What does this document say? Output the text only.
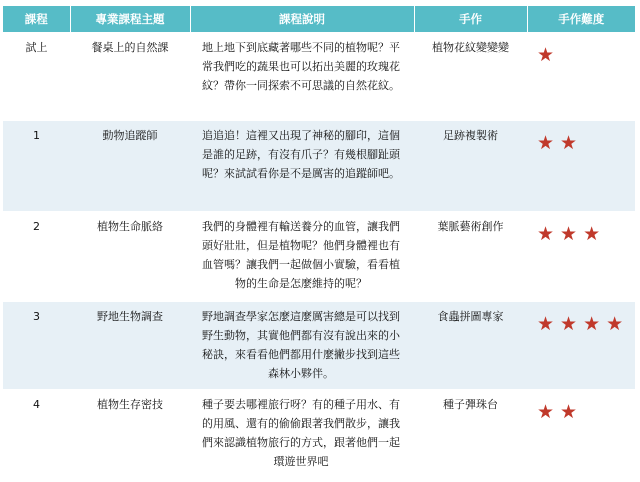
課程	專業課程主題	課程說明	手作	手作難度
試上	餐桌上的自然課	地上地下到底藏著哪些不同的植物呢？平常我們吃的蔬果也可以拓出美麗的玫瑰花紋？帶你一同探索不可思議的自然花紋。	植物花紋變變變	★
1	動物追蹤師	追追追！這裡又出現了神秘的腳印，這個是誰的足跡，有沒有爪子？有幾根腳趾頭呢？來試試看你是不是厲害的追蹤師吧。	足跡複製術	★ ★
2	植物生命脈絡	我們的身體裡有輸送養分的血管，讓我們頭好壯壯，但是植物呢？他們身體裡也有血管嗎？讓我們一起做個小實驗，看看植物的生命是怎麼維持的呢？	葉脈藝術創作	★ ★ ★
3	野地生物調查	野地調查學家怎麼這麼厲害總是可以找到野生動物，其實他們都有沒有說出來的小秘訣，來看看他們都用什麼撇步找到這些森林小夥伴。	食蟲拼圖專家	★ ★ ★ ★
4	植物生存密技	種子要去哪裡旅行呀？有的種子用水、有的用風、還有的偷偷跟著我們散步，讓我們來認識植物旅行的方式，跟著他們一起環遊世界吧	種子彈珠台	★ ★
